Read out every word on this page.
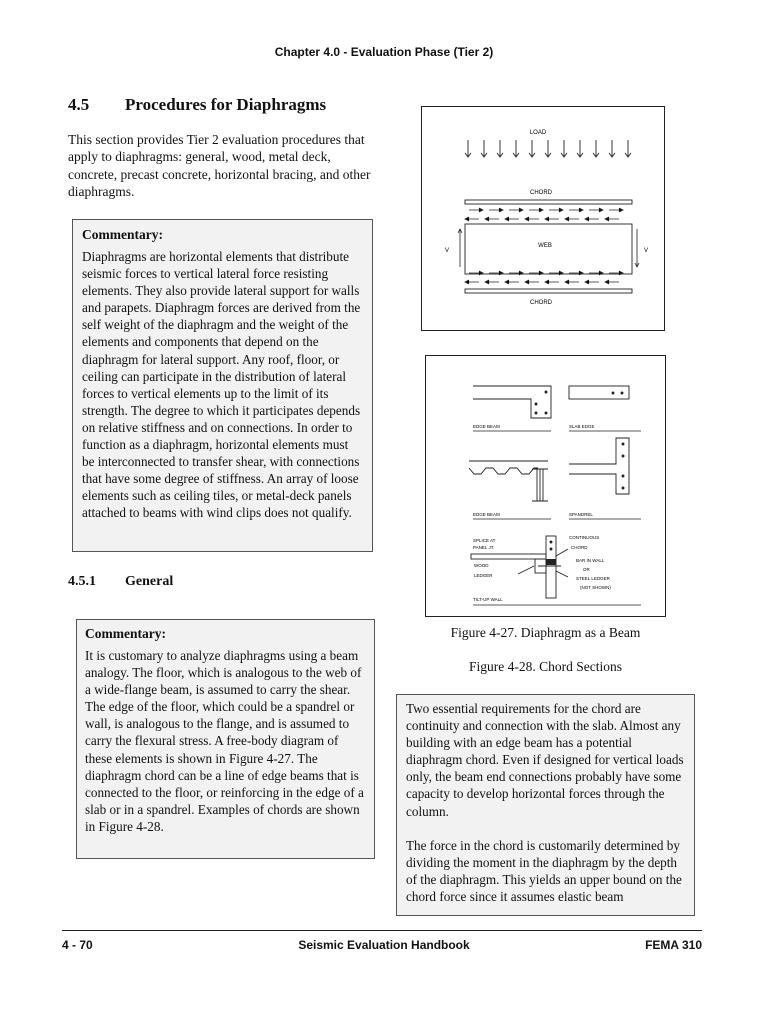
Chapter 4.0 - Evaluation Phase (Tier 2)
4.5 Procedures for Diaphragms
This section provides Tier 2 evaluation procedures that apply to diaphragms: general, wood, metal deck, concrete, precast concrete, horizontal bracing, and other diaphragms.
Commentary:
Diaphragms are horizontal elements that distribute seismic forces to vertical lateral force resisting elements. They also provide lateral support for walls and parapets. Diaphragm forces are derived from the self weight of the diaphragm and the weight of the elements and components that depend on the diaphragm for lateral support. Any roof, floor, or ceiling can participate in the distribution of lateral forces to vertical elements up to the limit of its strength. The degree to which it participates depends on relative stiffness and on connections. In order to function as a diaphragm, horizontal elements must be interconnected to transfer shear, with connections that have some degree of stiffness. An array of loose elements such as ceiling tiles, or metal-deck panels attached to beams with wind clips does not qualify.
4.5.1 General
Commentary:
It is customary to analyze diaphragms using a beam analogy. The floor, which is analogous to the web of a wide-flange beam, is assumed to carry the shear. The edge of the floor, which could be a spandrel or wall, is analogous to the flange, and is assumed to carry the flexural stress. A free-body diagram of these elements is shown in Figure 4-27. The diaphragm chord can be a line of edge beams that is connected to the floor, or reinforcing in the edge of a slab or in a spandrel. Examples of chords are shown in Figure 4-28.
LOAD
CHORD
WEB
V	V
CHORD
EDGE BEAM	SLAB EDGE
EDGE BEAM	SPANDREL
SPLICE AT
PANEL JT.
CONTINUOUS
CHORD
BAR IN WALL
OR
WOOD
LEDGER
STEEL LEDGER
(NOT SHOWN)
TILT-UP WALL
Figure 4-27. Diaphragm as a Beam
Figure 4-28. Chord Sections
Two essential requirements for the chord are continuity and connection with the slab. Almost any building with an edge beam has a potential diaphragm chord. Even if designed for vertical loads only, the beam end connections probably have some capacity to develop horizontal forces through the column.
The force in the chord is customarily determined by dividing the moment in the diaphragm by the depth of the diaphragm. This yields an upper bound on the chord force since it assumes elastic beam
4 - 70	Seismic Evaluation Handbook	FEMA 310
